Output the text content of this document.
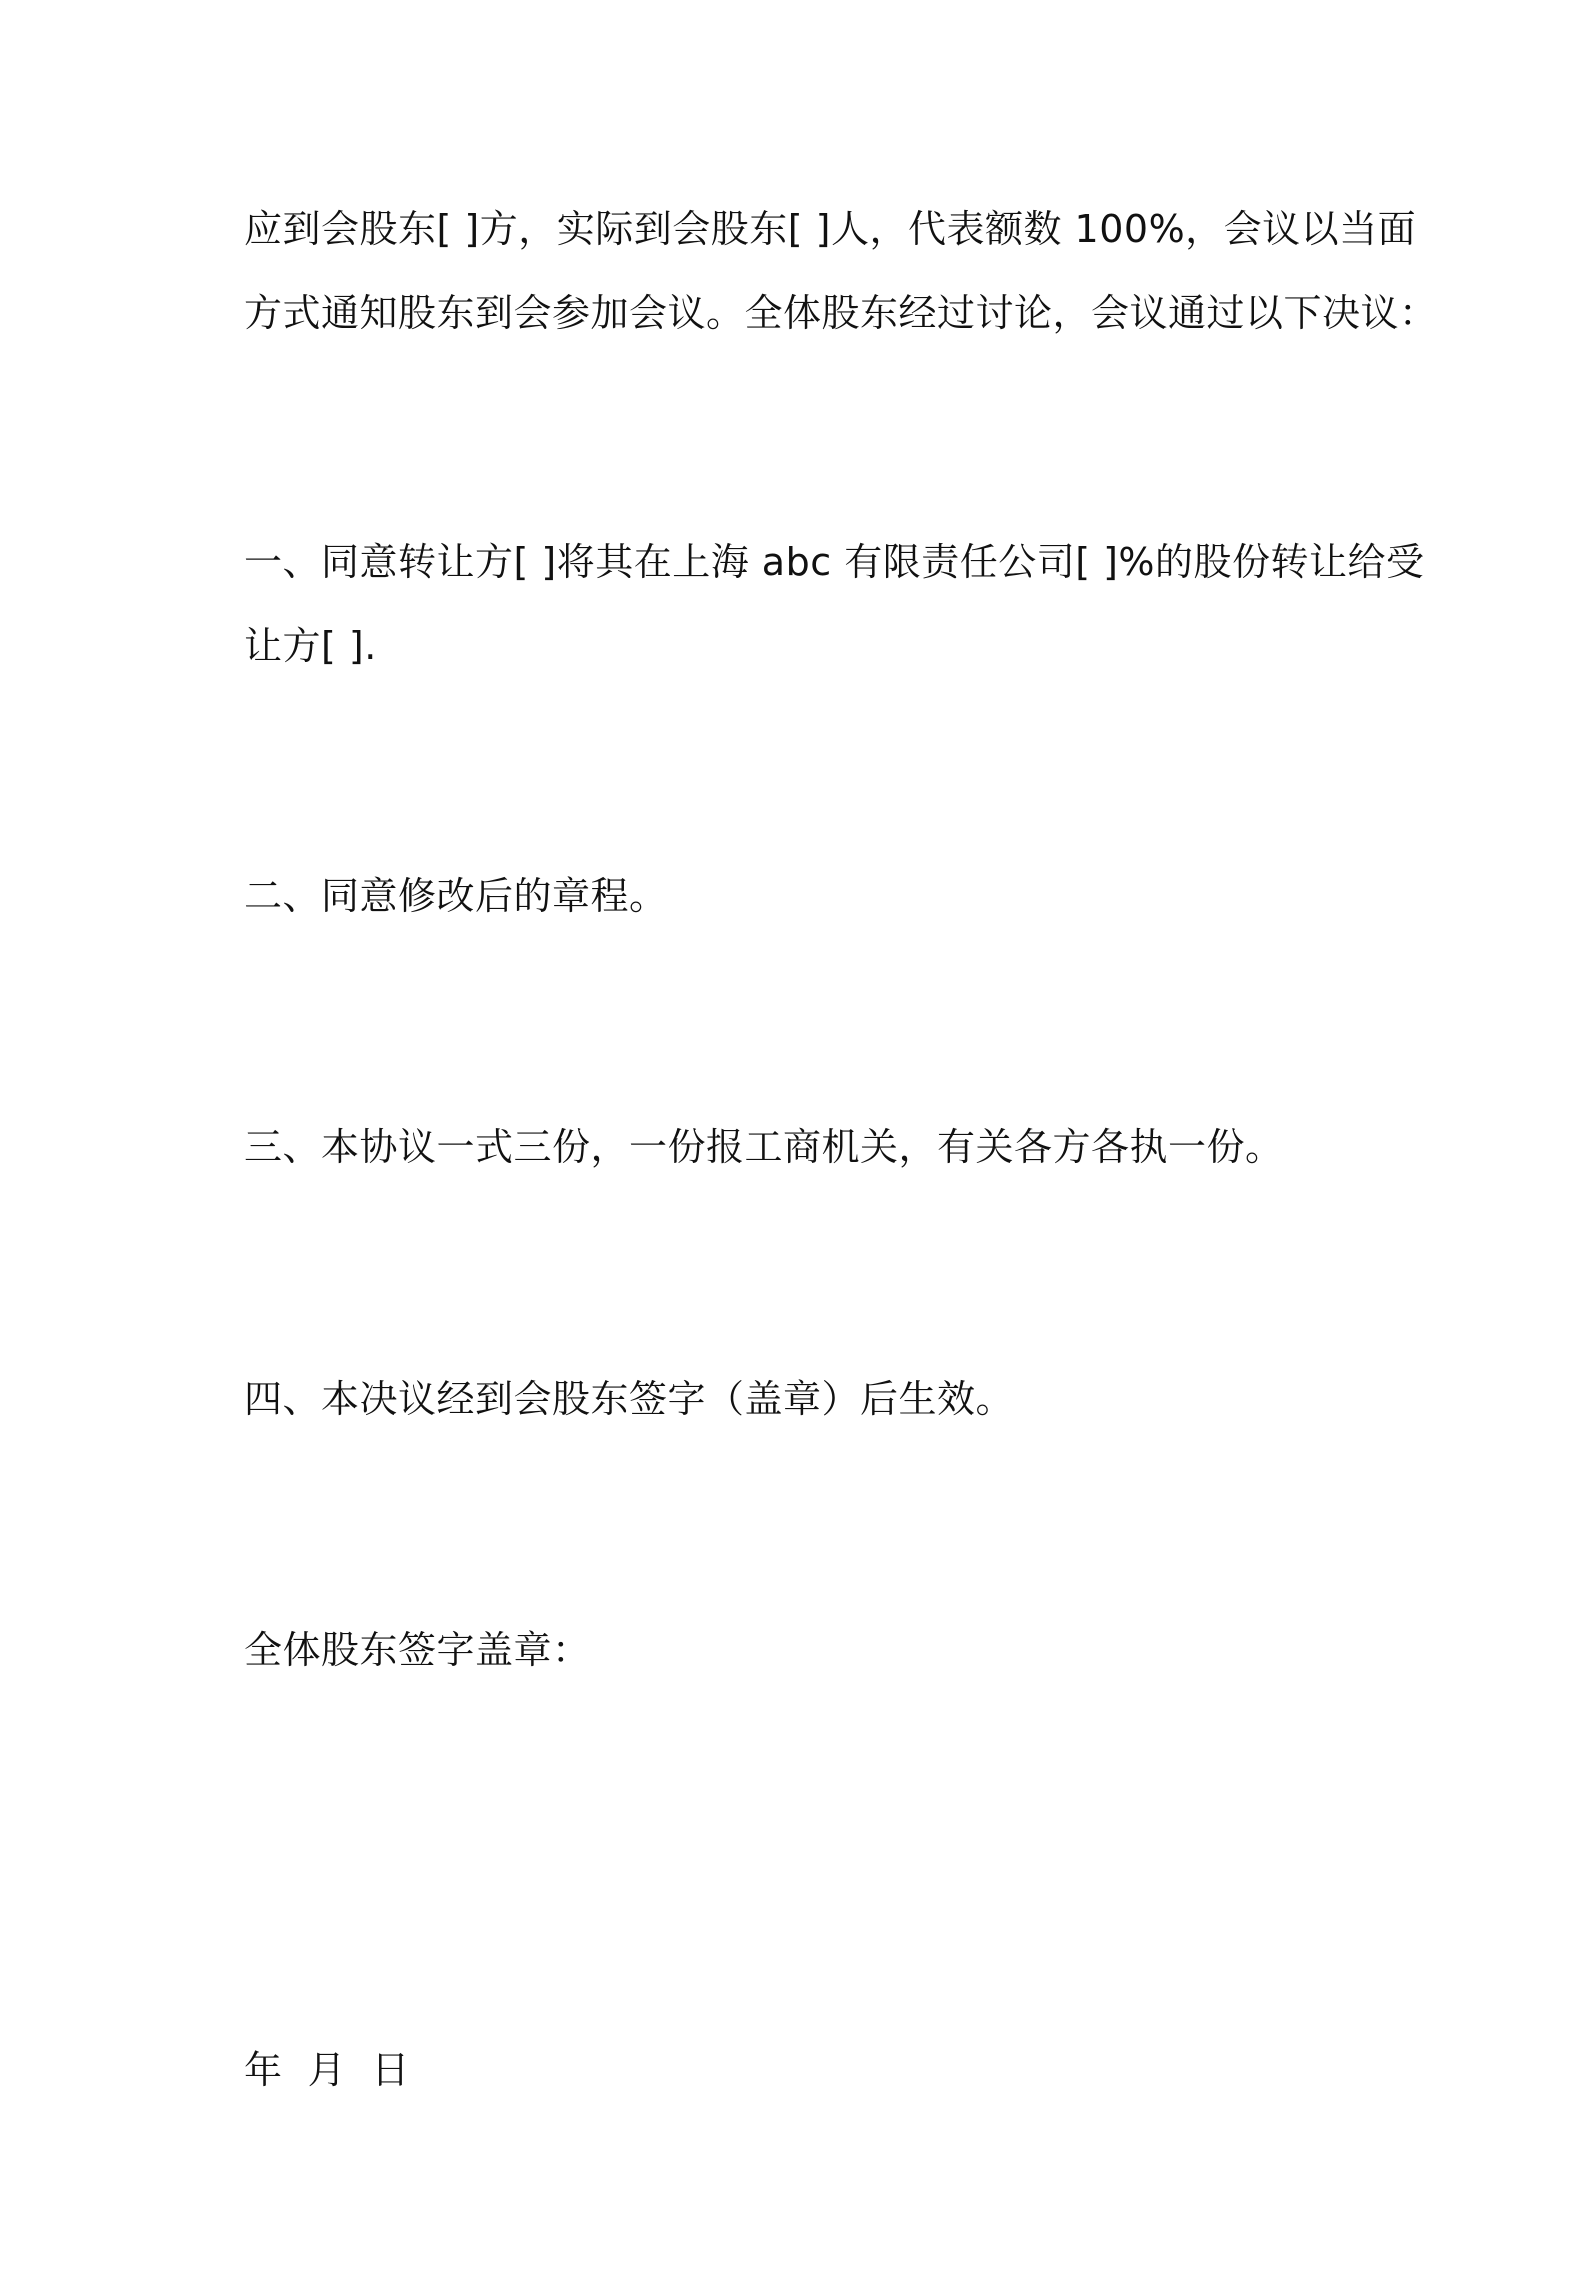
应到会股东[ ]方，实际到会股东[ ]人，代表额数 100%，会议以当面
方式通知股东到会参加会议。全体股东经过讨论，会议通过以下决议：

一、同意转让方[ ]将其在上海 abc 有限责任公司[ ]%的股份转让给受
让方[ ].

二、同意修改后的章程。

三、本协议一式三份，一份报工商机关，有关各方各执一份。

四、本决议经到会股东签字（盖章）后生效。

全体股东签字盖章：

年  月  日
